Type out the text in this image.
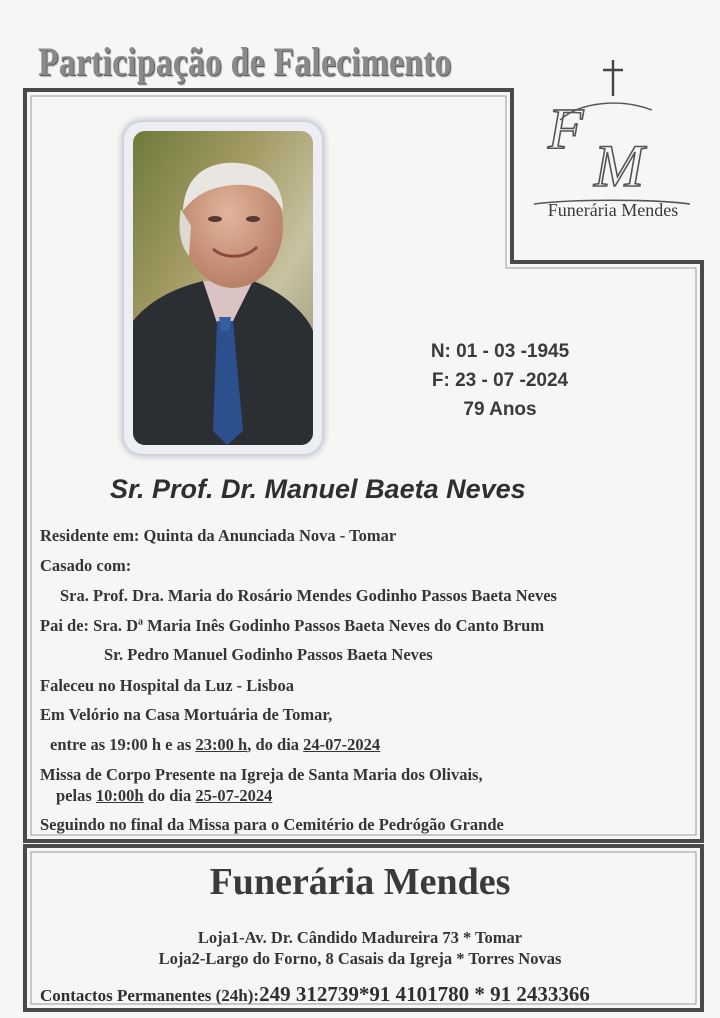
Participação de Falecimento
F
M
Funerária Mendes
N: 01 - 03 -1945
F: 23 - 07 -2024
79 Anos
Sr. Prof. Dr. Manuel Baeta Neves
Residente em: Quinta da Anunciada Nova - Tomar
Casado com:
Sra. Prof. Dra. Maria do Rosário Mendes Godinho Passos Baeta Neves
Pai de: Sra. Dª Maria Inês Godinho Passos Baeta Neves do Canto Brum
Sr. Pedro Manuel Godinho Passos Baeta Neves
Faleceu no Hospital da Luz - Lisboa
Em Velório na Casa Mortuária de Tomar,
entre as 19:00 h e as 23:00 h, do dia 24-07-2024
Missa de Corpo Presente na Igreja de Santa Maria dos Olivais,
pelas 10:00h do dia 25-07-2024
Seguindo no final da Missa para o Cemitério de Pedrógão Grande
Funerária Mendes
Loja1-Av. Dr. Cândido Madureira 73 * Tomar
Loja2-Largo do Forno, 8 Casais da Igreja * Torres Novas
Contactos Permanentes (24h):249 312739*91 4101780 * 91 2433366
